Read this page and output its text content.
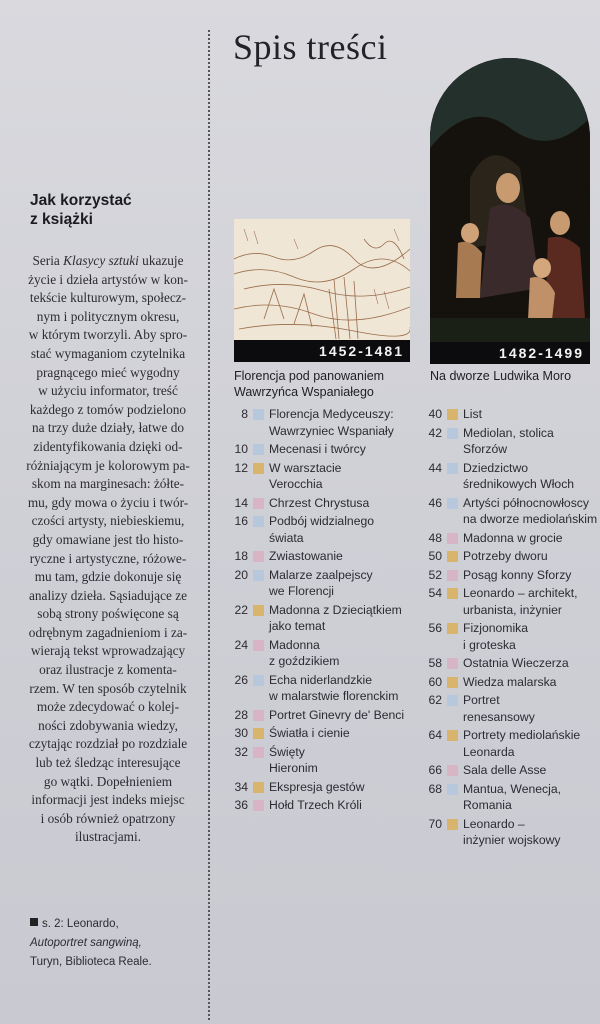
Jak korzystać
z książki
Seria Klasycy sztuki ukazuje
życie i dzieła artystów w kon-
tekście kulturowym, społecz-
nym i politycznym okresu,
w którym tworzyli. Aby spro-
stać wymaganiom czytelnika
pragnącego mieć wygodny
w użyciu informator, treść
każdego z tomów podzielono
na trzy duże działy, łatwe do
zidentyfikowania dzięki od-
różniającym je kolorowym pa-
skom na marginesach: żółte-
mu, gdy mowa o życiu i twór-
czości artysty, niebieskiemu,
gdy omawiane jest tło histo-
ryczne i artystyczne, różowe-
mu tam, gdzie dokonuje się
analizy dzieła. Sąsiadujące ze
sobą strony poświęcone są
odrębnym zagadnieniom i za-
wierają tekst wprowadzający
oraz ilustracje z komenta-
rzem. W ten sposób czytelnik
może zdecydować o kolej-
ności zdobywania wiedzy,
czytając rozdział po rozdziale
lub też śledząc interesujące
go wątki. Dopełnieniem
informacji jest indeks miejsc
i osób również opatrzony
ilustracjami.
s. 2: Leonardo,
Autoportret sangwiną,
Turyn, Biblioteca Reale.
Spis treści
1452-1481	1482-1499
Florencja pod panowaniem
Wawrzyńca Wspaniałego
Na dworze Ludwika Moro
8 Florencja Medyceuszy:
Wawrzyniec Wspaniały
10 Mecenasi i twórcy
12 W warsztacie
Verocchia
14 Chrzest Chrystusa
16 Podbój widzialnego
świata
18 Zwiastowanie
20 Malarze zaalpejscy
we Florencji
22 Madonna z Dzieciątkiem
jako temat
24 Madonna
z goździkiem
26 Echa niderlandzkie
w malarstwie florenckim
28 Portret Ginevry de' Benci
30 Światła i cienie
32 Święty
Hieronim
34 Ekspresja gestów
36 Hołd Trzech Króli
40 List
42 Mediolan, stolica
Sforzów
44 Dziedzictwo
średnikowych Włoch
46 Artyści północnowłoscy
na dworze mediolańskim
48 Madonna w grocie
50 Potrzeby dworu
52 Posąg konny Sforzy
54 Leonardo – architekt,
urbanista, inżynier
56 Fizjonomika
i groteska
58 Ostatnia Wieczerza
60 Wiedza malarska
62 Portret
renesansowy
64 Portrety mediolańskie
Leonarda
66 Sala delle Asse
68 Mantua, Wenecja,
Romania
70 Leonardo –
inżynier wojskowy
